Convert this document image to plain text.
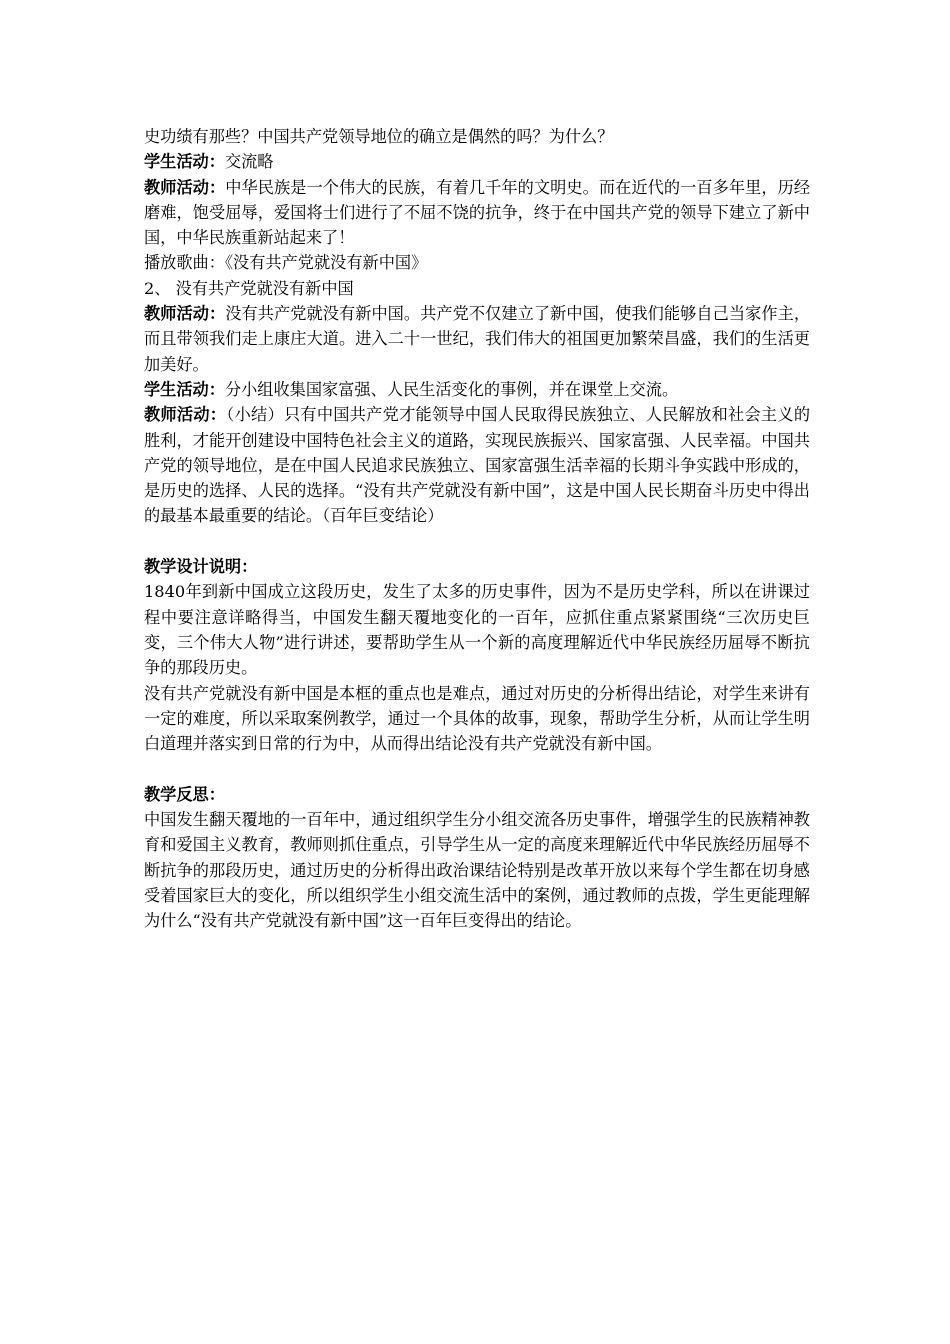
史功绩有那些？中国共产党领导地位的确立是偶然的吗？为什么？

学生活动：交流略

教师活动：中华民族是一个伟大的民族，有着几千年的文明史。而在近代的一百多年里，历经磨难，饱受屈辱，爱国将士们进行了不屈不饶的抗争，终于在中国共产党的领导下建立了新中国，中华民族重新站起来了！

播放歌曲：《没有共产党就没有新中国》

2、 没有共产党就没有新中国

教师活动：没有共产党就没有新中国。共产党不仅建立了新中国，使我们能够自己当家作主，而且带领我们走上康庄大道。进入二十一世纪，我们伟大的祖国更加繁荣昌盛，我们的生活更加美好。

学生活动：分小组收集国家富强、人民生活变化的事例，并在课堂上交流。

教师活动：（小结）只有中国共产党才能领导中国人民取得民族独立、人民解放和社会主义的胜利，才能开创建设中国特色社会主义的道路，实现民族振兴、国家富强、人民幸福。中国共产党的领导地位，是在中国人民追求民族独立、国家富强生活幸福的长期斗争实践中形成的，是历史的选择、人民的选择。“没有共产党就没有新中国”，这是中国人民长期奋斗历史中得出的最基本最重要的结论。（百年巨变结论）

教学设计说明：

1840年到新中国成立这段历史，发生了太多的历史事件，因为不是历史学科，所以在讲课过程中要注意详略得当，中国发生翻天覆地变化的一百年，应抓住重点紧紧围绕“三次历史巨变，三个伟大人物”进行讲述，要帮助学生从一个新的高度理解近代中华民族经历屈辱不断抗争的那段历史。

没有共产党就没有新中国是本框的重点也是难点，通过对历史的分析得出结论，对学生来讲有一定的难度，所以采取案例教学，通过一个具体的故事，现象，帮助学生分析，从而让学生明白道理并落实到日常的行为中，从而得出结论没有共产党就没有新中国。

教学反思：

中国发生翻天覆地的一百年中，通过组织学生分小组交流各历史事件，增强学生的民族精神教育和爱国主义教育，教师则抓住重点，引导学生从一定的高度来理解近代中华民族经历屈辱不断抗争的那段历史，通过历史的分析得出政治课结论特别是改革开放以来每个学生都在切身感受着国家巨大的变化，所以组织学生小组交流生活中的案例，通过教师的点拨，学生更能理解为什么“没有共产党就没有新中国”这一百年巨变得出的结论。
